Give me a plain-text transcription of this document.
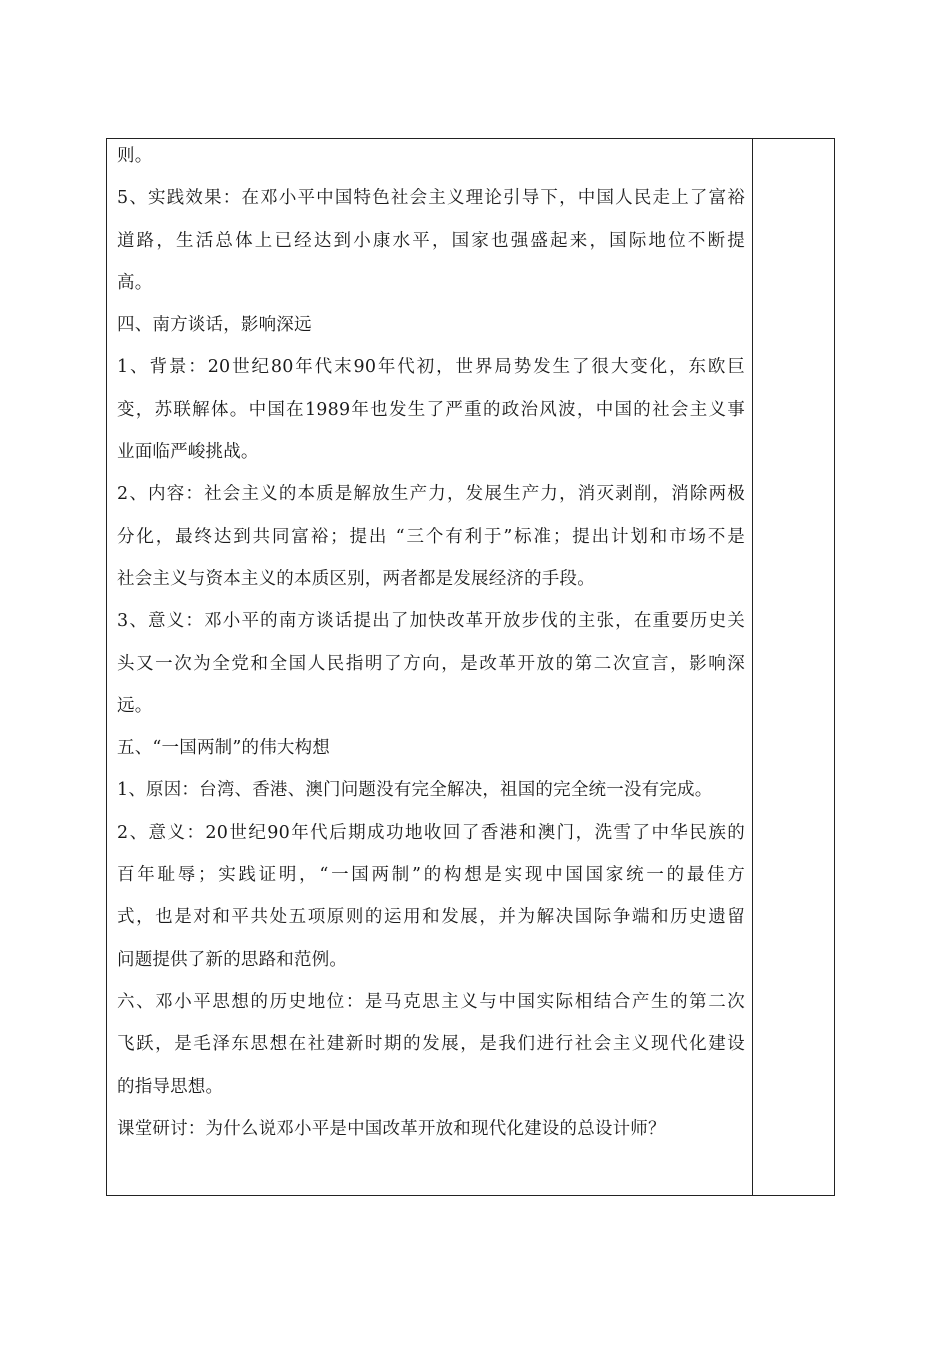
则。
5、实践效果：在邓小平中国特色社会主义理论引导下，中国人民走上了富裕
道路，生活总体上已经达到小康水平，国家也强盛起来，国际地位不断提
高。
四、南方谈话，影响深远
1、背景：20世纪80年代末90年代初，世界局势发生了很大变化，东欧巨
变，苏联解体。中国在1989年也发生了严重的政治风波，中国的社会主义事
业面临严峻挑战。
2、内容：社会主义的本质是解放生产力，发展生产力，消灭剥削，消除两极
分化，最终达到共同富裕；提出 “三个有利于”标准；提出计划和市场不是
社会主义与资本主义的本质区别，两者都是发展经济的手段。
3、意义：邓小平的南方谈话提出了加快改革开放步伐的主张，在重要历史关
头又一次为全党和全国人民指明了方向，是改革开放的第二次宣言，影响深
远。
五、“一国两制”的伟大构想
1、原因：台湾、香港、澳门问题没有完全解决，祖国的完全统一没有完成。
2、意义：20世纪90年代后期成功地收回了香港和澳门，洗雪了中华民族的
百年耻辱；实践证明，“一国两制”的构想是实现中国国家统一的最佳方
式，也是对和平共处五项原则的运用和发展，并为解决国际争端和历史遗留
问题提供了新的思路和范例。
六、邓小平思想的历史地位：是马克思主义与中国实际相结合产生的第二次
飞跃，是毛泽东思想在社建新时期的发展，是我们进行社会主义现代化建设
的指导思想。
课堂研讨：为什么说邓小平是中国改革开放和现代化建设的总设计师？
